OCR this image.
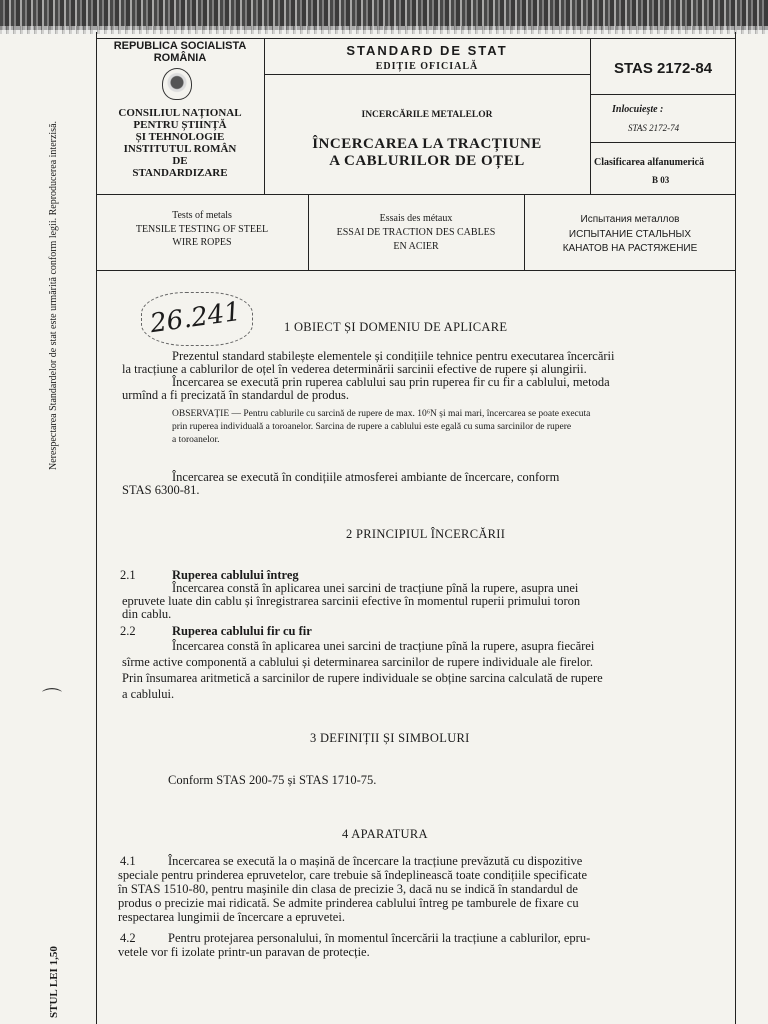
REPUBLICA SOCIALISTA
ROMÂNIA
CONSILIUL NAȚIONAL
PENTRU ȘTIINȚĂ
ȘI TEHNOLOGIE
INSTITUTUL ROMÂN
DE
STANDARDIZARE
STANDARD DE STAT
EDIȚIE OFICIALĂ
INCERCĂRILE METALELOR
ÎNCERCAREA LA TRACȚIUNE
A CABLURILOR DE OȚEL
STAS 2172-84
Inlocuieşte :
STAS 2172-74
Clasificarea alfanumerică
B 03
Tests of metals
TENSILE TESTING OF STEEL
WIRE ROPES
Essais des métaux
ESSAI DE TRACTION DES CABLES
EN ACIER
Испытания металлов
ИСПЫТАНИЕ СТАЛЬНЫХ
КАНАТОВ НА РАСТЯЖЕНИЕ
Nerespectarea Standardelor de stat este urmărită conform legii. Reproducerea interzisă.
STUL LEI 1,50
⌒
26.241	1 OBIECT ȘI DOMENIU DE APLICARE
Prezentul standard stabilește elementele și condițiile tehnice pentru executarea încercării
la tracțiune a cablurilor de oțel în vederea determinării sarcinii efective de rupere și alungirii.
Încercarea se execută prin ruperea cablului sau prin ruperea fir cu fir a cablului, metoda
urmînd a fi precizată în standardul de produs.
OBSERVAȚIE — Pentru cablurile cu sarcină de rupere de max. 10⁶N și mai mari, încercarea se poate executa
prin ruperea individuală a toroanelor. Sarcina de rupere a cablului este egală cu suma sarcinilor de rupere
a toroanelor.
Încercarea se execută în condițiile atmosferei ambiante de încercare, conform
STAS 6300-81.
2 PRINCIPIUL ÎNCERCĂRII
2.1	Ruperea cablului întreg
Încercarea constă în aplicarea unei sarcini de tracțiune pînă la rupere, asupra unei
epruvete luate din cablu și înregistrarea sarcinii efective în momentul ruperii primului toron
din cablu.
2.2	Ruperea cablului fir cu fir
Încercarea constă în aplicarea unei sarcini de tracțiune pînă la rupere, asupra fiecărei
sîrme active componentă a cablului și determinarea sarcinilor de rupere individuale ale firelor.
Prin însumarea aritmetică a sarcinilor de rupere individuale se obține sarcina calculată de rupere
a cablului.
3 DEFINIȚII ȘI SIMBOLURI
Conform STAS 200-75 și STAS 1710-75.
4 APARATURA
4.1	Încercarea se execută la o mașină de încercare la tracțiune prevăzută cu dispozitive
speciale pentru prinderea epruvetelor, care trebuie să îndeplinească toate condițiile specificate
în STAS 1510-80, pentru mașinile din clasa de precizie 3, dacă nu se indică în standardul de
produs o precizie mai ridicată. Se admite prinderea cablului întreg pe tamburele de fixare cu
respectarea lungimii de încercare a epruvetei.
4.2	Pentru protejarea personalului, în momentul încercării la tracțiune a cablurilor, epru-
vetele vor fi izolate printr-un paravan de protecție.
